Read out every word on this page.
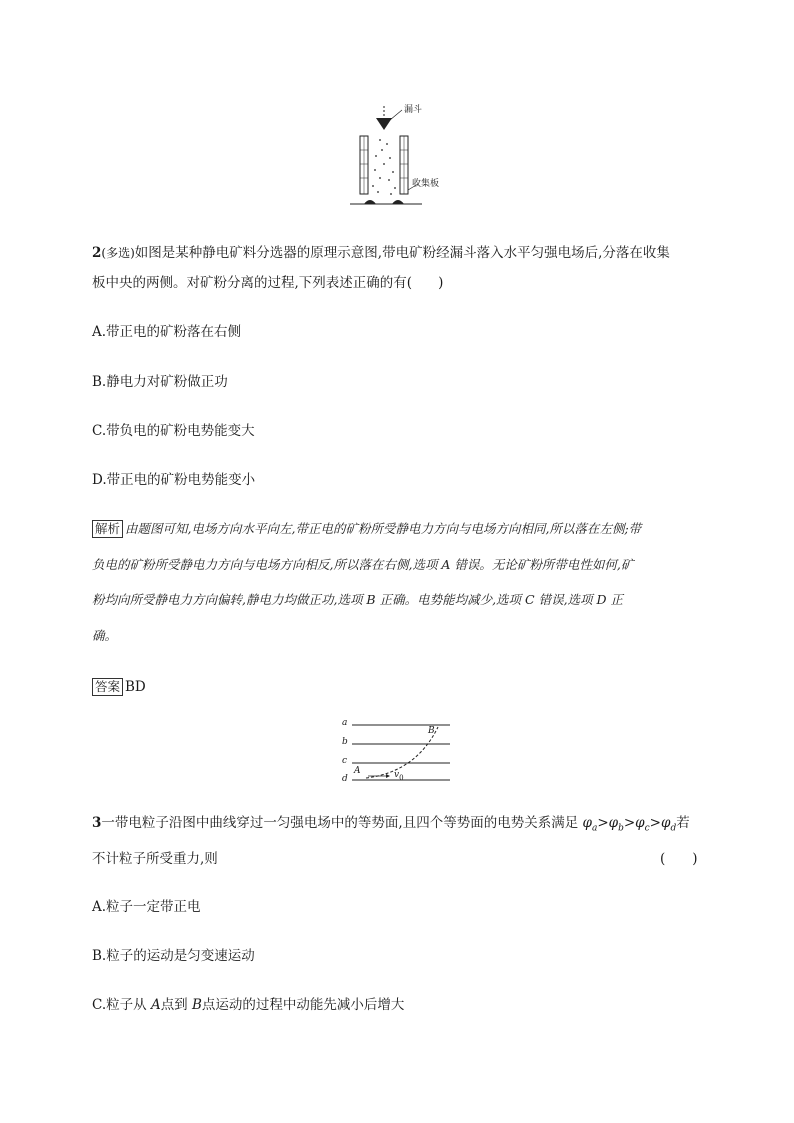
漏斗
收集板
2(多选)如图是某种静电矿料分选器的原理示意图,带电矿粉经漏斗落入水平匀强电场后,分落在收集
板中央的两侧。对矿粉分离的过程,下列表述正确的有( )
A.带正电的矿粉落在右侧
B.静电力对矿粉做正功
C.带负电的矿粉电势能变大
D.带正电的矿粉电势能变小
解析 由题图可知,电场方向水平向左,带正电的矿粉所受静电力方向与电场方向相同,所以落在左侧;带
负电的矿粉所受静电力方向与电场方向相反,所以落在右侧,选项 A 错误。无论矿粉所带电性如何,矿
粉均向所受静电力方向偏转,静电力均做正功,选项 B 正确。电势能均减少,选项 C 错误,选项 D 正
确。
答案 BD
a
b
c
d
A
B
$v_0$
3一带电粒子沿图中曲线穿过一匀强电场中的等势面,且四个等势面的电势关系满足 $\varphi_a>\varphi_b>\varphi_c>\varphi_d$若
不计粒子所受重力,则	(　　)
A.粒子一定带正电
B.粒子的运动是匀变速运动
C.粒子从 A点到 B点运动的过程中动能先减小后增大
